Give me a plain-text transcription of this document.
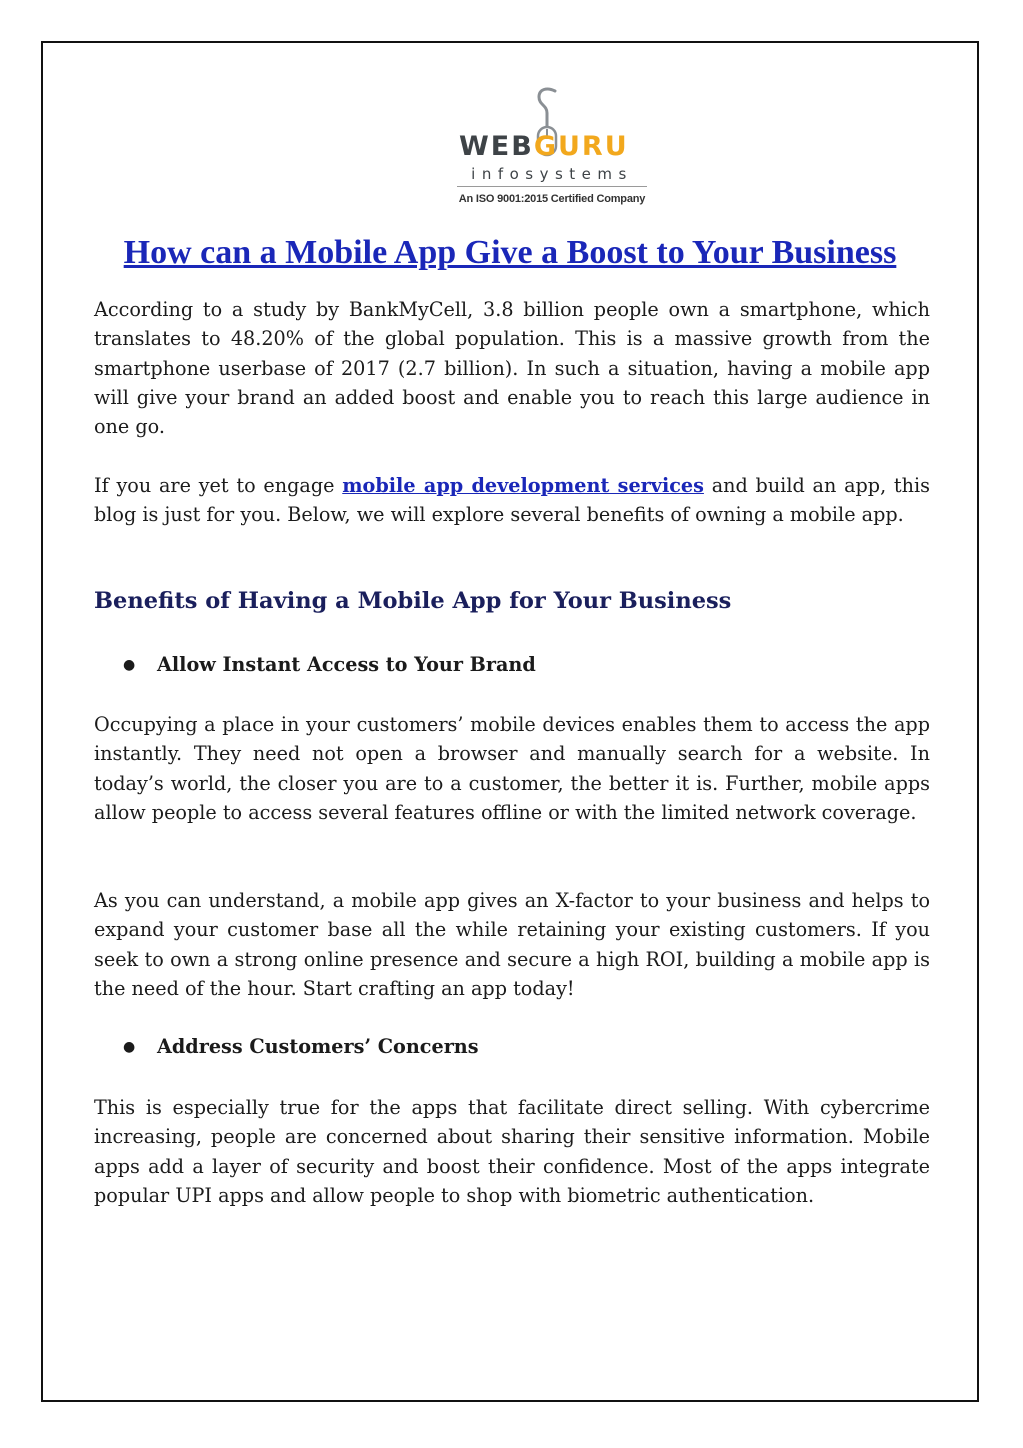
WEBGURU
infosystems
An ISO 9001:2015 Certified Company
How can a Mobile App Give a Boost to Your Business

According to a study by BankMyCell, 3.8 billion people own a smartphone, which translates to 48.20% of the global population. This is a massive growth from the smartphone userbase of 2017 (2.7 billion). In such a situation, having a mobile app will give your brand an added boost and enable you to reach this large audience in one go.

If you are yet to engage mobile app development services and build an app, this blog is just for you. Below, we will explore several benefits of owning a mobile app.

Benefits of Having a Mobile App for Your Business

● Allow Instant Access to Your Brand

Occupying a place in your customers’ mobile devices enables them to access the app instantly. They need not open a browser and manually search for a website. In today’s world, the closer you are to a customer, the better it is. Further, mobile apps allow people to access several features offline or with the limited network coverage.

As you can understand, a mobile app gives an X-factor to your business and helps to expand your customer base all the while retaining your existing customers. If you seek to own a strong online presence and secure a high ROI, building a mobile app is the need of the hour. Start crafting an app today!

● Address Customers’ Concerns

This is especially true for the apps that facilitate direct selling. With cybercrime increasing, people are concerned about sharing their sensitive information. Mobile apps add a layer of security and boost their confidence. Most of the apps integrate popular UPI apps and allow people to shop with biometric authentication.
